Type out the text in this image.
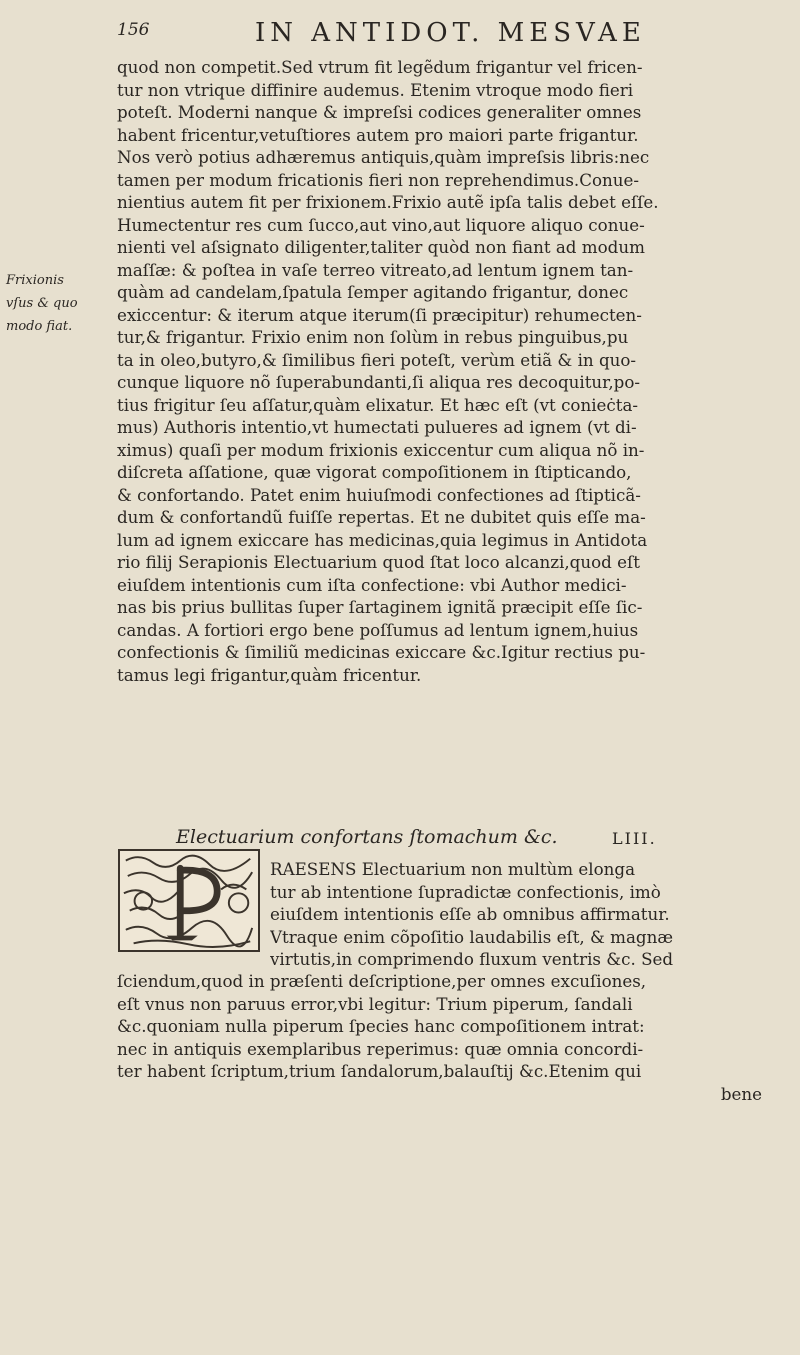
156	IN ANTIDOT. MESVAE
Frixionis
vſus & quo
modo fiat.
quod non competit.Sed vtrum fit legẽdum frigantur vel fricen-
tur non vtrique diffinire audemus. Etenim vtroque modo fieri
poteſt. Moderni nanque & impreſsi codices generaliter omnes
habent fricentur,vetuſtiores autem pro maiori parte frigantur.
Nos verò potius adhæremus antiquis,quàm impreſsis libris:nec
tamen per modum fricationis fieri non reprehendimus.Conue-
nientius autem fit per frixionem.Frixio autẽ ipſa talis debet eſſe.
Humectentur res cum ſucco,aut vino,aut liquore aliquo conue-
nienti vel aſsignato diligenter,taliter quòd non fiant ad modum
maſſæ: & poſtea in vaſe terreo vitreato,ad lentum ignem tan-
quàm ad candelam,ſpatula ſemper agitando frigantur, donec
exiccentur: & iterum atque iterum(ſi præcipitur) rehumecten-
tur,& frigantur. Frixio enim non ſolùm in rebus pinguibus,pu
ta in oleo,butyro,& ſimilibus fieri poteſt, verùm etiã & in quo-
cunque liquore nõ ſuperabundanti,ſi aliqua res decoquitur,po-
tius frigitur ſeu aſſatur,quàm elixatur. Et hæc eſt (vt conieċta-
mus) Authoris intentio,vt humectati pulueres ad ignem (vt di-
ximus) quaſi per modum frixionis exiccentur cum aliqua nõ in-
diſcreta aſſatione, quæ vigorat compoſitionem in ſtipticando,
& confortando. Patet enim huiuſmodi confectiones ad ſtipticã-
dum & confortandũ fuiſſe repertas. Et ne dubitet quis eſſe ma-
lum ad ignem exiccare has medicinas,quia legimus in Antidota
rio filij Serapionis Electuarium quod ſtat loco alcanzi,quod eſt
eiuſdem intentionis cum iſta confectione: vbi Author medici-
nas bis prius bullitas ſuper ſartaginem ignitã præcipit eſſe ſic-
candas. A fortiori ergo bene poſſumus ad lentum ignem,huius
confectionis & ſimiliũ medicinas exiccare &c.Igitur rectius pu-
tamus legi frigantur,quàm fricentur.
Electuarium confortans ſtomachum &c.	LIII.
RAESENS Electuarium non multùm elonga
tur ab intentione ſupradictæ confectionis, imò
eiuſdem intentionis eſſe ab omnibus affirmatur.
Vtraque enim cõpoſitio laudabilis eſt, & magnæ
virtutis,in comprimendo fluxum ventris &c. Sed
ſciendum,quod in præſenti deſcriptione,per omnes excuſiones,
eſt vnus non paruus error,vbi legitur: Trium piperum, ſandali
&c.quoniam nulla piperum ſpecies hanc compoſitionem intrat:
nec in antiquis exemplaribus reperimus: quæ omnia concordi-
ter habent ſcriptum,trium ſandalorum,balauſtij &c.Etenim qui
bene
